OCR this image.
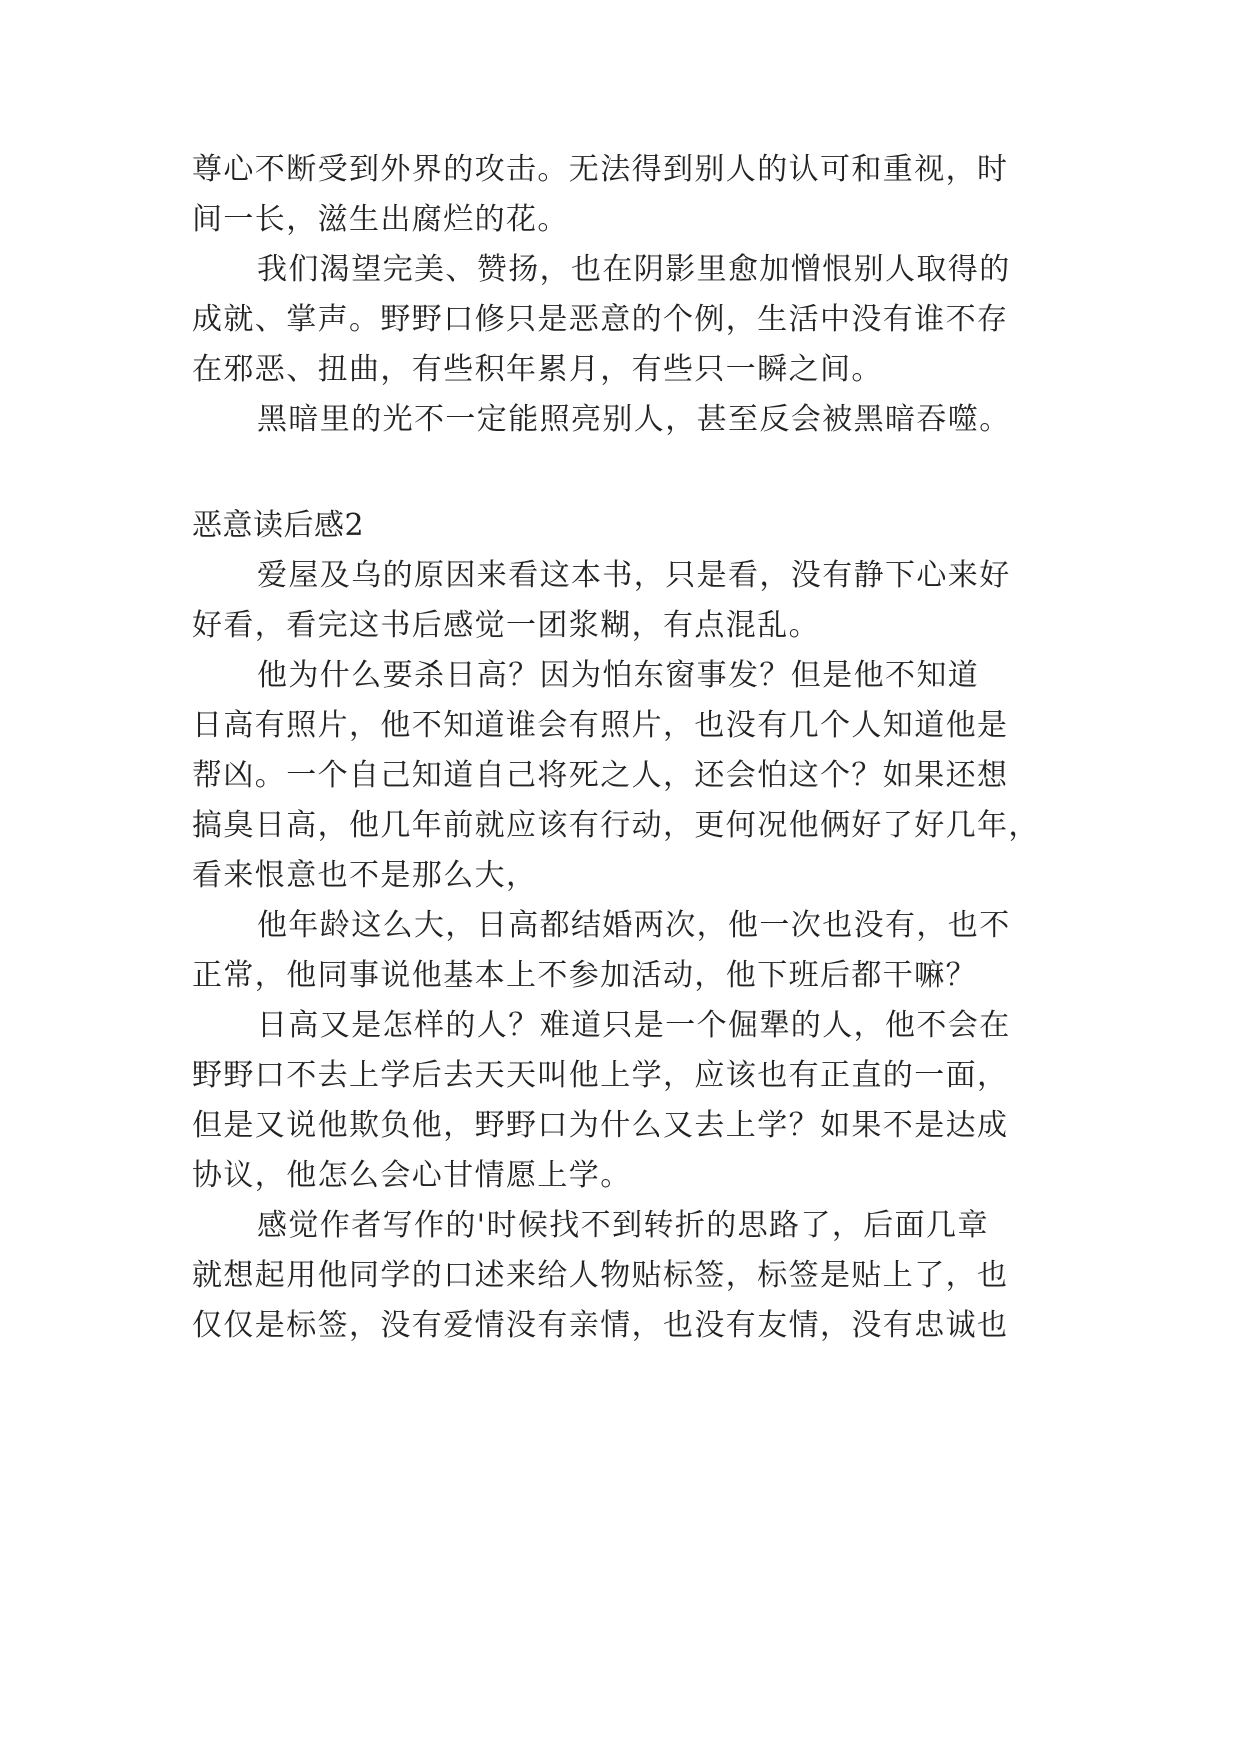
尊心不断受到外界的攻击。无法得到别人的认可和重视，时
间一长，滋生出腐烂的花。
我们渴望完美、赞扬，也在阴影里愈加憎恨别人取得的
成就、掌声。野野口修只是恶意的个例，生活中没有谁不存
在邪恶、扭曲，有些积年累月，有些只一瞬之间。
黑暗里的光不一定能照亮别人，甚至反会被黑暗吞噬。
恶意读后感2
爱屋及乌的原因来看这本书，只是看，没有静下心来好
好看，看完这书后感觉一团浆糊，有点混乱。
他为什么要杀日高？因为怕东窗事发？但是他不知道
日高有照片，他不知道谁会有照片，也没有几个人知道他是
帮凶。一个自己知道自己将死之人，还会怕这个？如果还想
搞臭日高，他几年前就应该有行动，更何况他俩好了好几年，
看来恨意也不是那么大，
他年龄这么大，日高都结婚两次，他一次也没有，也不
正常，他同事说他基本上不参加活动，他下班后都干嘛？
日高又是怎样的人？难道只是一个倔犟的人，他不会在
野野口不去上学后去天天叫他上学，应该也有正直的一面，
但是又说他欺负他，野野口为什么又去上学？如果不是达成
协议，他怎么会心甘情愿上学。
感觉作者写作的'时候找不到转折的思路了，后面几章
就想起用他同学的口述来给人物贴标签，标签是贴上了，也
仅仅是标签，没有爱情没有亲情，也没有友情，没有忠诚也
